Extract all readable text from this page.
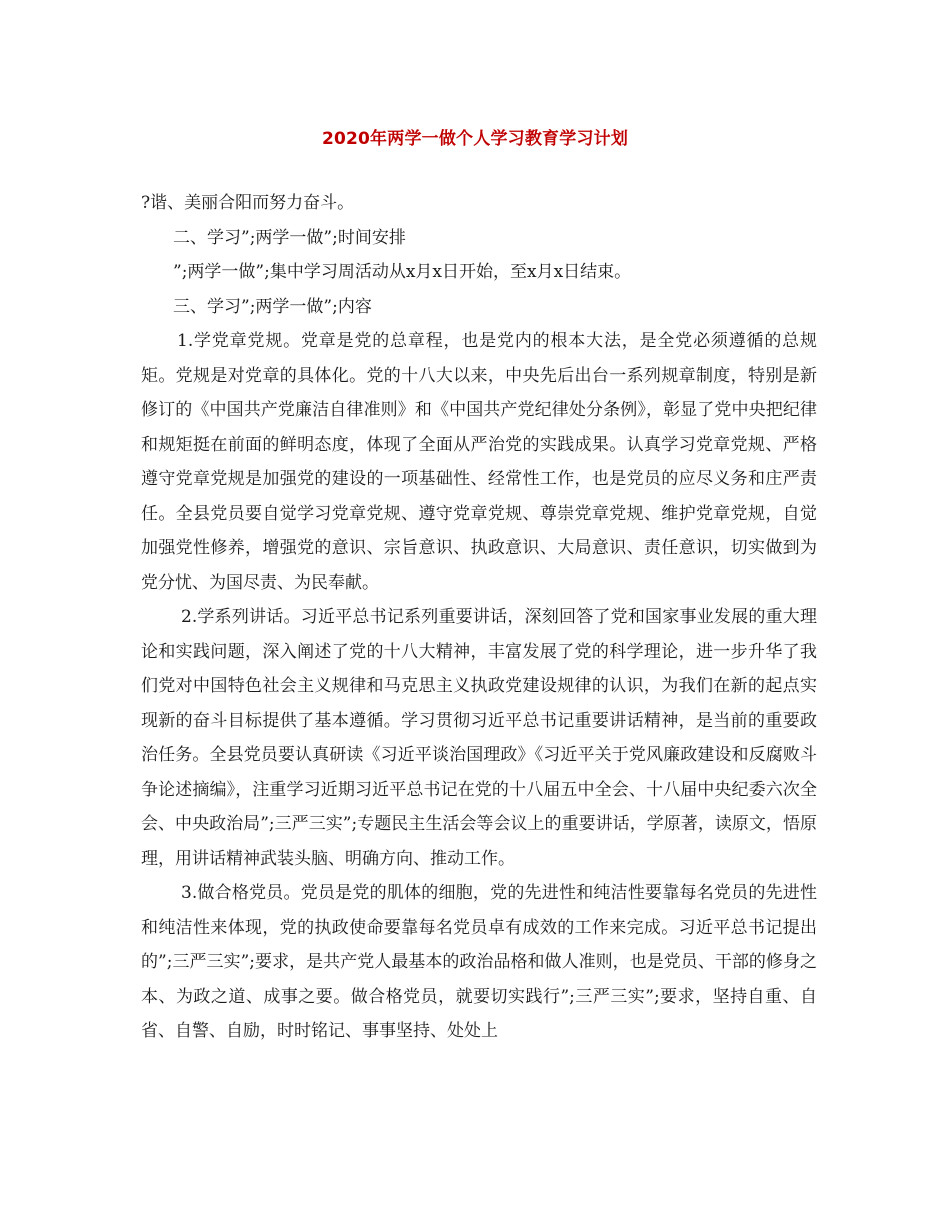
2020年两学一做个人学习教育学习计划

?谐、美丽合阳而努力奋斗。

二、学习”;两学一做”;时间安排

”;两学一做”;集中学习周活动从x月x日开始，至x月x日结束。

三、学习”;两学一做”;内容

1.学党章党规。党章是党的总章程，也是党内的根本大法，是全党必须遵循的总规矩。党规是对党章的具体化。党的十八大以来，中央先后出台一系列规章制度，特别是新修订的《中国共产党廉洁自律准则》和《中国共产党纪律处分条例》，彰显了党中央把纪律和规矩挺在前面的鲜明态度，体现了全面从严治党的实践成果。认真学习党章党规、严格遵守党章党规是加强党的建设的一项基础性、经常性工作，也是党员的应尽义务和庄严责任。全县党员要自觉学习党章党规、遵守党章党规、尊崇党章党规、维护党章党规，自觉加强党性修养，增强党的意识、宗旨意识、执政意识、大局意识、责任意识，切实做到为党分忧、为国尽责、为民奉献。

2.学系列讲话。习近平总书记系列重要讲话，深刻回答了党和国家事业发展的重大理论和实践问题，深入阐述了党的十八大精神，丰富发展了党的科学理论，进一步升华了我们党对中国特色社会主义规律和马克思主义执政党建设规律的认识，为我们在新的起点实现新的奋斗目标提供了基本遵循。学习贯彻习近平总书记重要讲话精神，是当前的重要政治任务。全县党员要认真研读《习近平谈治国理政》《习近平关于党风廉政建设和反腐败斗争论述摘编》，注重学习近期习近平总书记在党的十八届五中全会、十八届中央纪委六次全会、中央政治局”;三严三实”;专题民主生活会等会议上的重要讲话，学原著，读原文，悟原理，用讲话精神武装头脑、明确方向、推动工作。

3.做合格党员。党员是党的肌体的细胞，党的先进性和纯洁性要靠每名党员的先进性和纯洁性来体现，党的执政使命要靠每名党员卓有成效的工作来完成。习近平总书记提出的”;三严三实”;要求，是共产党人最基本的政治品格和做人准则，也是党员、干部的修身之本、为政之道、成事之要。做合格党员，就要切实践行”;三严三实”;要求，坚持自重、自省、自警、自励，时时铭记、事事坚持、处处上
